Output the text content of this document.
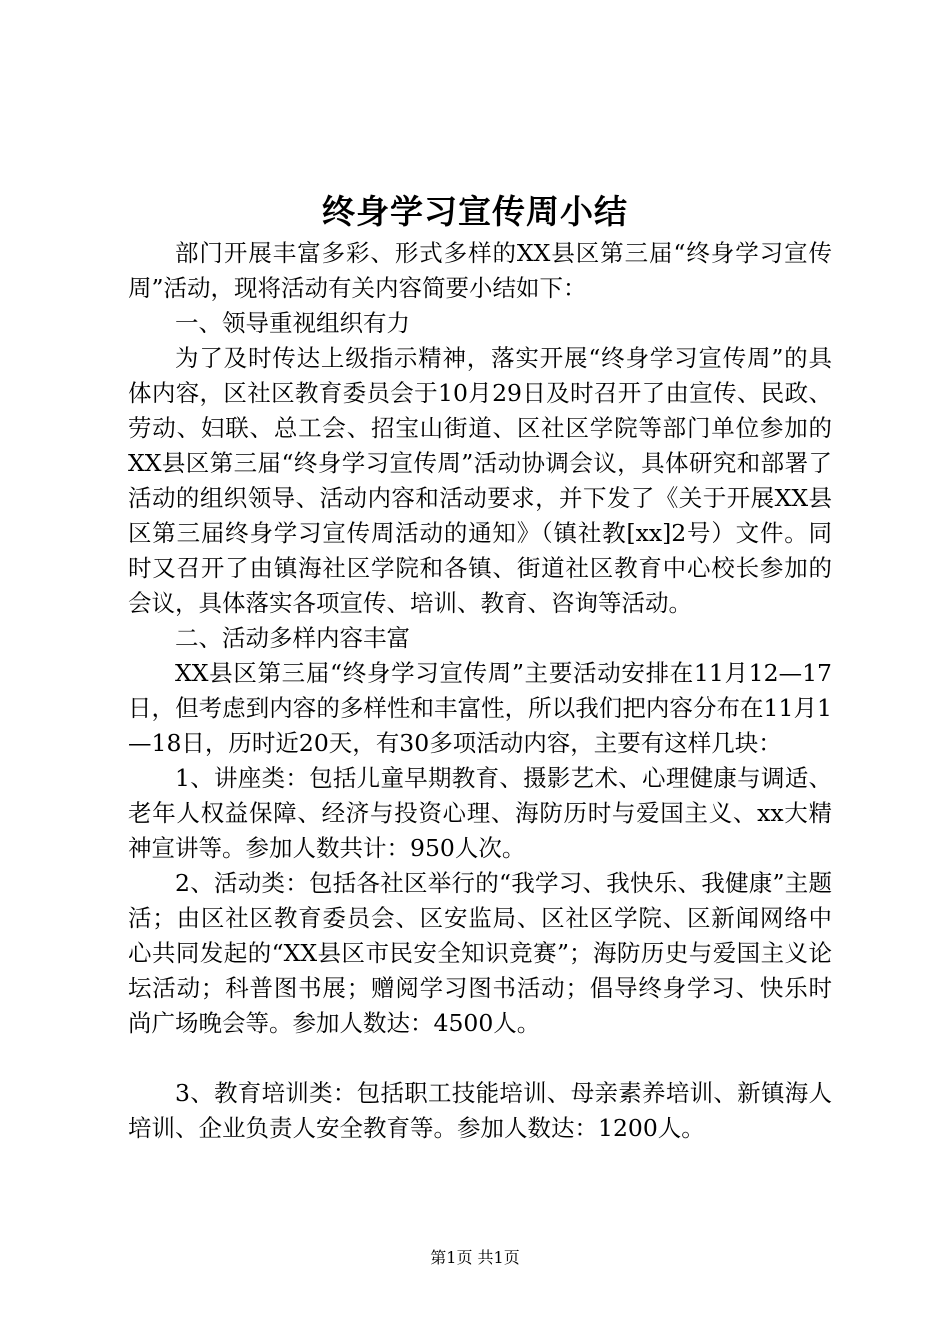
终身学习宣传周小结

部门开展丰富多彩、形式多样的XX县区第三届“终身学习宣传周”活动，现将活动有关内容简要小结如下：

一、领导重视组织有力

为了及时传达上级指示精神，落实开展“终身学习宣传周”的具体内容，区社区教育委员会于10月29日及时召开了由宣传、民政、劳动、妇联、总工会、招宝山街道、区社区学院等部门单位参加的XX县区第三届“终身学习宣传周”活动协调会议，具体研究和部署了活动的组织领导、活动内容和活动要求，并下发了《关于开展XX县区第三届终身学习宣传周活动的通知》（镇社教[xx]2号）文件。同时又召开了由镇海社区学院和各镇、街道社区教育中心校长参加的会议，具体落实各项宣传、培训、教育、咨询等活动。

二、活动多样内容丰富

XX县区第三届“终身学习宣传周”主要活动安排在11月12—17日，但考虑到内容的多样性和丰富性，所以我们把内容分布在11月1—18日，历时近20天，有30多项活动内容，主要有这样几块：

1、讲座类：包括儿童早期教育、摄影艺术、心理健康与调适、老年人权益保障、经济与投资心理、海防历时与爱国主义、xx大精神宣讲等。参加人数共计：950人次。

2、活动类：包括各社区举行的“我学习、我快乐、我健康”主题活；由区社区教育委员会、区安监局、区社区学院、区新闻网络中心共同发起的“XX县区市民安全知识竞赛”；海防历史与爱国主义论坛活动；科普图书展；赠阅学习图书活动；倡导终身学习、快乐时尚广场晚会等。参加人数达：4500人。

3、教育培训类：包括职工技能培训、母亲素养培训、新镇海人培训、企业负责人安全教育等。参加人数达：1200人。

第1页 共1页
